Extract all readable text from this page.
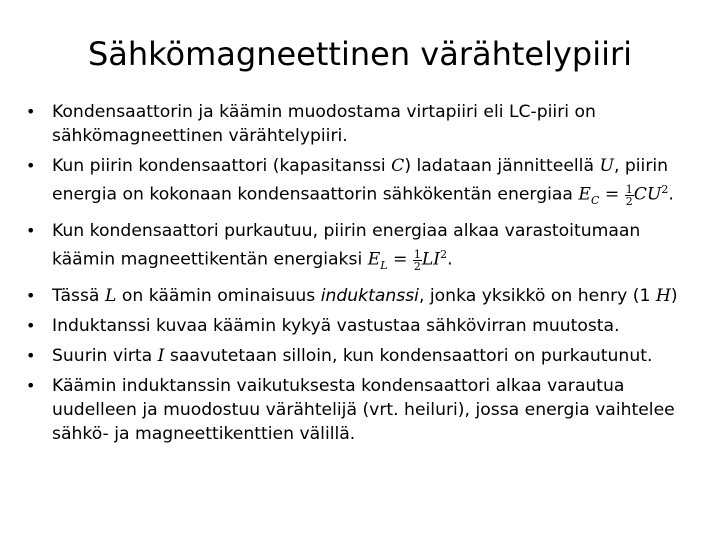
Sähkömagneettinen värähtelypiiri
• Kondensaattorin ja käämin muodostama virtapiiri eli LC-piiri on sähkömagneettinen värähtelypiiri.
• Kun piirin kondensaattori (kapasitanssi C) ladataan jännitteellä U, piirin energia on kokonaan kondensaattorin sähkökentän energiaa $E_C = \frac{1}{2} CU^2$.
• Kun kondensaattori purkautuu, piirin energiaa alkaa varastoitumaan käämin magneettikentän energiaksi $E_L = \frac{1}{2} LI^2$.
• Tässä L on käämin ominaisuus induktanssi, jonka yksikkö on henry (1 H)
• Induktanssi kuvaa käämin kykyä vastustaa sähkövirran muutosta.
• Suurin virta I saavutetaan silloin, kun kondensaattori on purkautunut.
• Käämin induktanssin vaikutuksesta kondensaattori alkaa varautua uudelleen ja muodostuu värähtelijä (vrt. heiluri), jossa energia vaihtelee sähkö- ja magneettikenttien välillä.
